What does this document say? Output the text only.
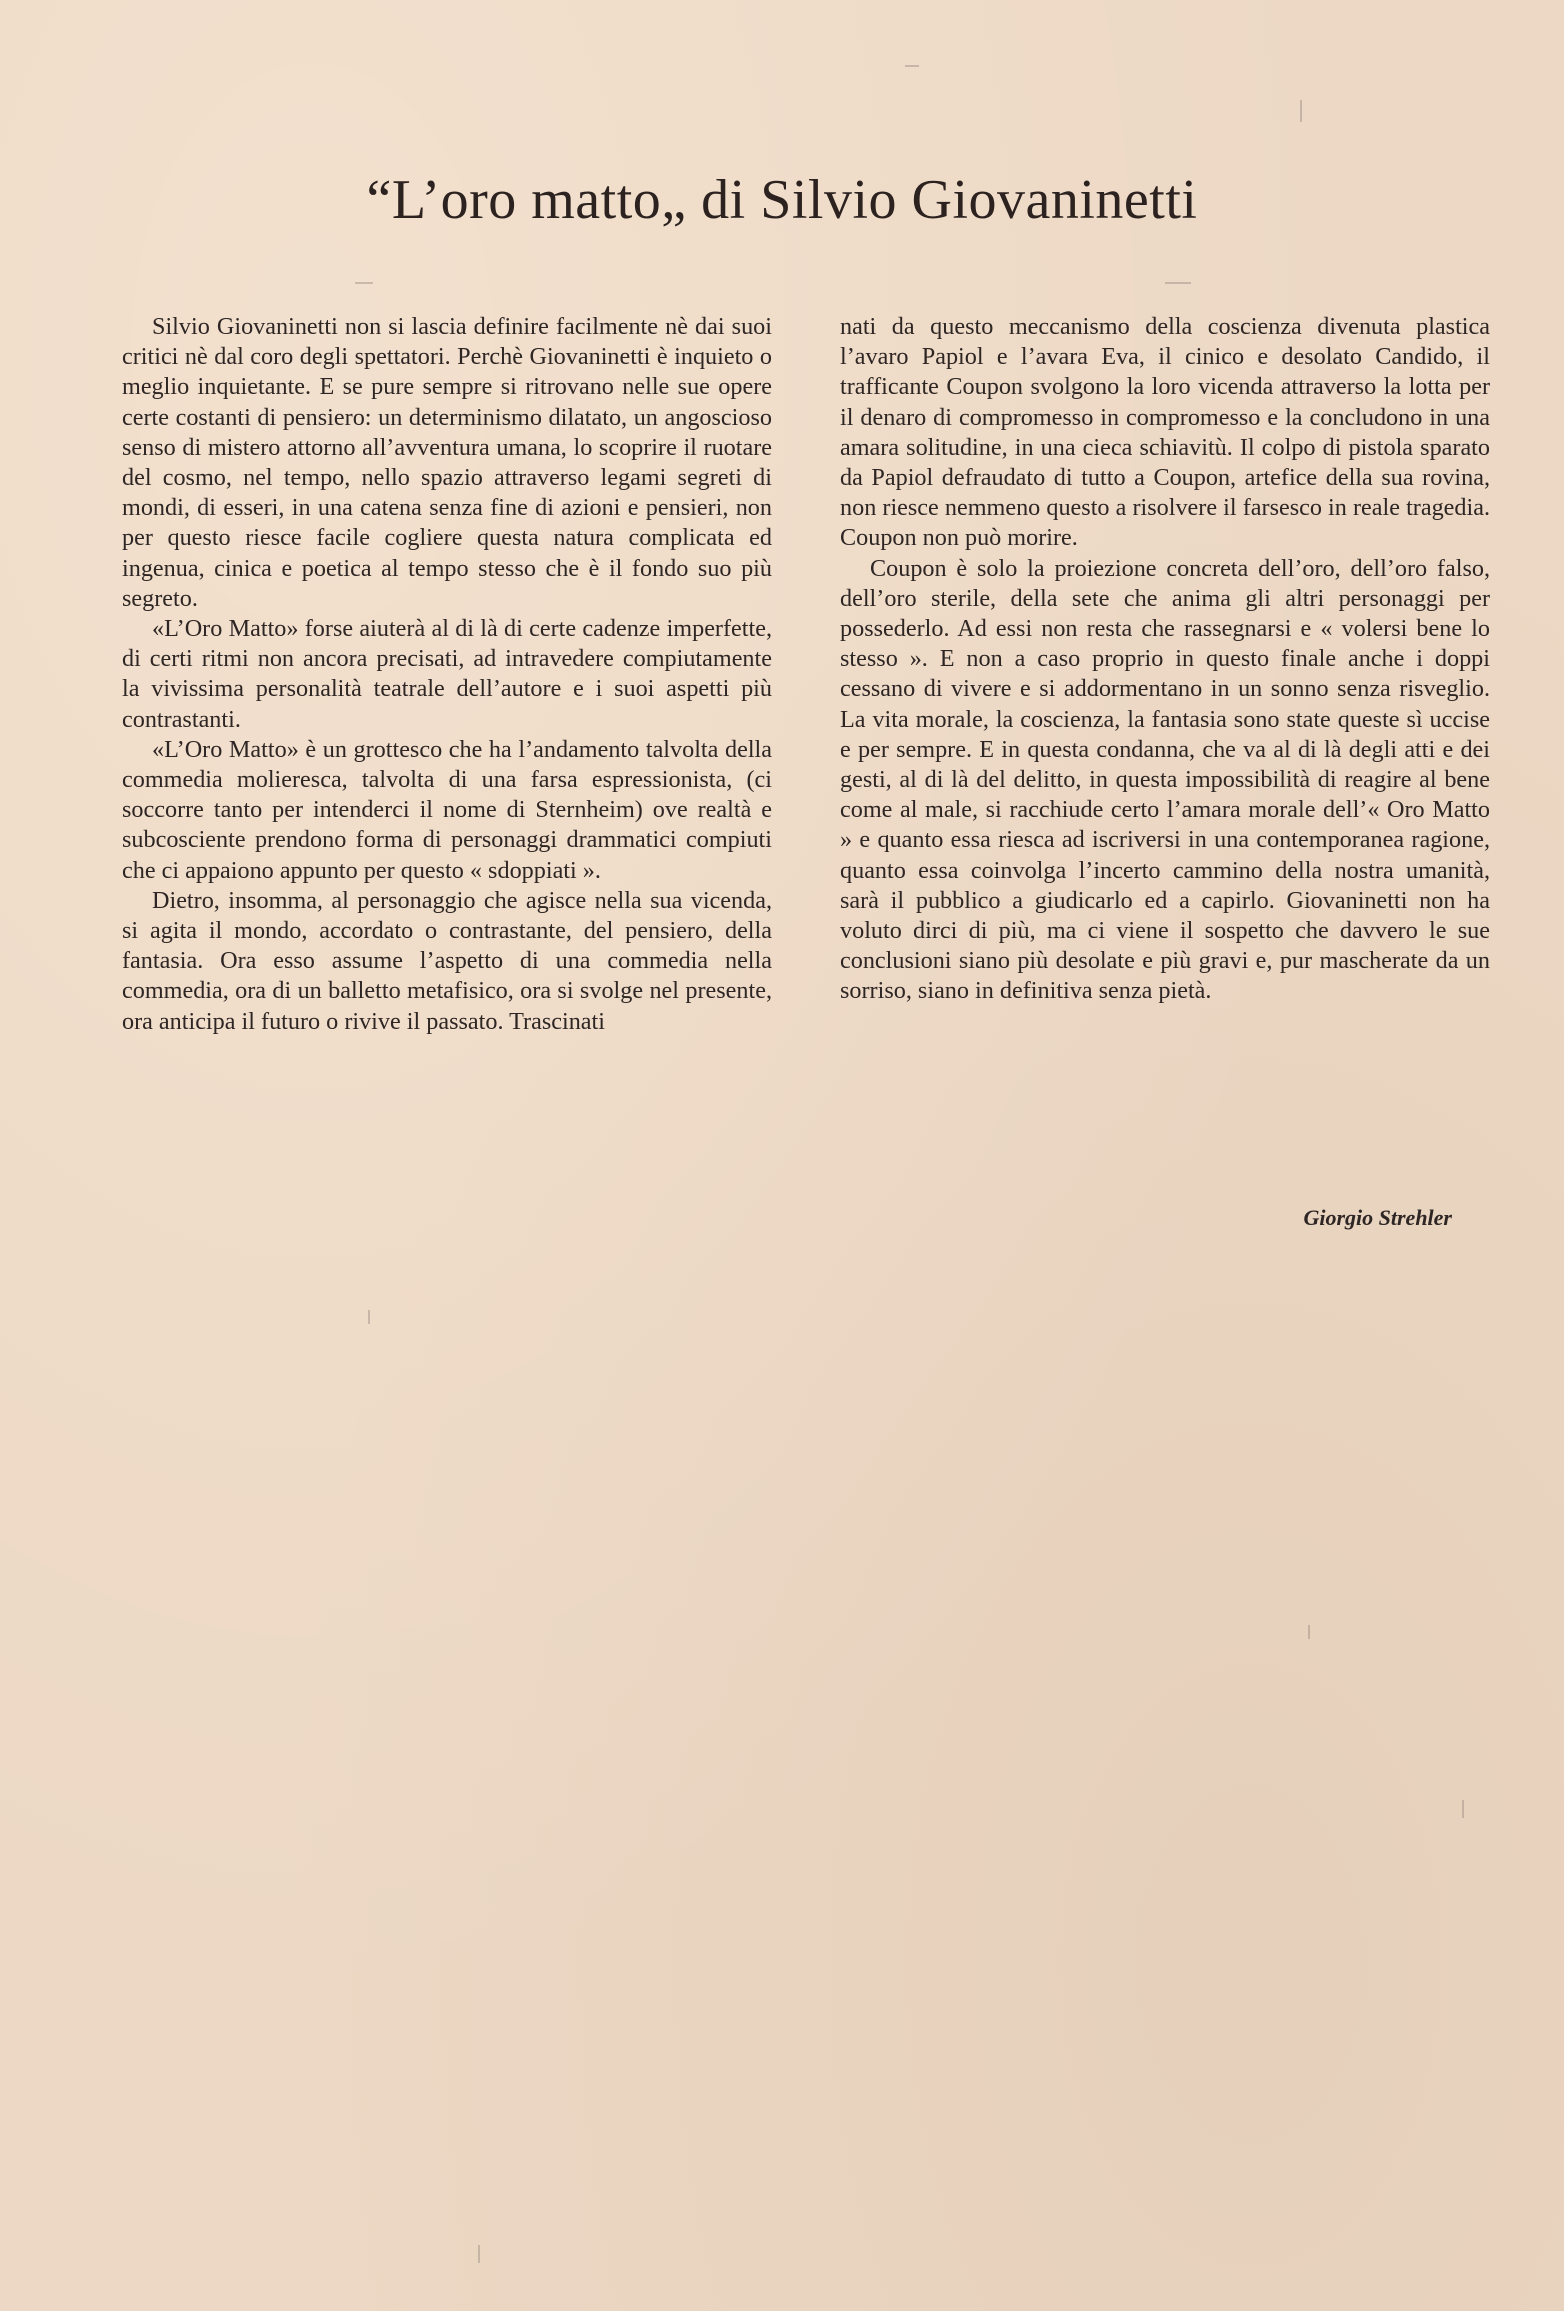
“L’oro matto„ di Silvio Giovaninetti

Silvio Giovaninetti non si lascia definire facilmente nè dai suoi critici nè dal coro degli spettatori. Perchè Giovaninetti è inquieto o meglio inquietante. E se pure sempre si ritrovano nelle sue opere certe costanti di pensiero: un determinismo dilatato, un angoscioso senso di mistero attorno all’avventura umana, lo scoprire il ruotare del cosmo, nel tempo, nello spazio attraverso legami segreti di mondi, di esseri, in una catena senza fine di azioni e pensieri, non per questo riesce facile cogliere questa natura complicata ed ingenua, cinica e poetica al tempo stesso che è il fondo suo più segreto.

«L’Oro Matto» forse aiuterà al di là di certe cadenze imperfette, di certi ritmi non ancora precisati, ad intravedere compiutamente la vivissima personalità teatrale dell’autore e i suoi aspetti più contrastanti.

«L’Oro Matto» è un grottesco che ha l’andamento talvolta della commedia molieresca, talvolta di una farsa espressionista, (ci soccorre tanto per intenderci il nome di Sternheim) ove realtà e subcosciente prendono forma di personaggi drammatici compiuti che ci appaiono appunto per questo « sdoppiati ».

Dietro, insomma, al personaggio che agisce nella sua vicenda, si agita il mondo, accordato o contrastante, del pensiero, della fantasia. Ora esso assume l’aspetto di una commedia nella commedia, ora di un balletto metafisico, ora si svolge nel presente, ora anticipa il futuro o rivive il passato. Trascinati

nati da questo meccanismo della coscienza divenuta plastica l’avaro Papiol e l’avara Eva, il cinico e desolato Candido, il trafficante Coupon svolgono la loro vicenda attraverso la lotta per il denaro di compromesso in compromesso e la concludono in una amara solitudine, in una cieca schiavitù. Il colpo di pistola sparato da Papiol defraudato di tutto a Coupon, artefice della sua rovina, non riesce nemmeno questo a risolvere il farsesco in reale tragedia. Coupon non può morire.

Coupon è solo la proiezione concreta dell’oro, dell’oro falso, dell’oro sterile, della sete che anima gli altri personaggi per possederlo. Ad essi non resta che rassegnarsi e « volersi bene lo stesso ». E non a caso proprio in questo finale anche i doppi cessano di vivere e si addormentano in un sonno senza risveglio. La vita morale, la coscienza, la fantasia sono state queste sì uccise e per sempre. E in questa condanna, che va al di là degli atti e dei gesti, al di là del delitto, in questa impossibilità di reagire al bene come al male, si racchiude certo l’amara morale dell’« Oro Matto » e quanto essa riesca ad iscriversi in una contemporanea ragione, quanto essa coinvolga l’incerto cammino della nostra umanità, sarà il pubblico a giudicarlo ed a capirlo. Giovaninetti non ha voluto dirci di più, ma ci viene il sospetto che davvero le sue conclusioni siano più desolate e più gravi e, pur mascherate da un sorriso, siano in definitiva senza pietà.

Giorgio Strehler
